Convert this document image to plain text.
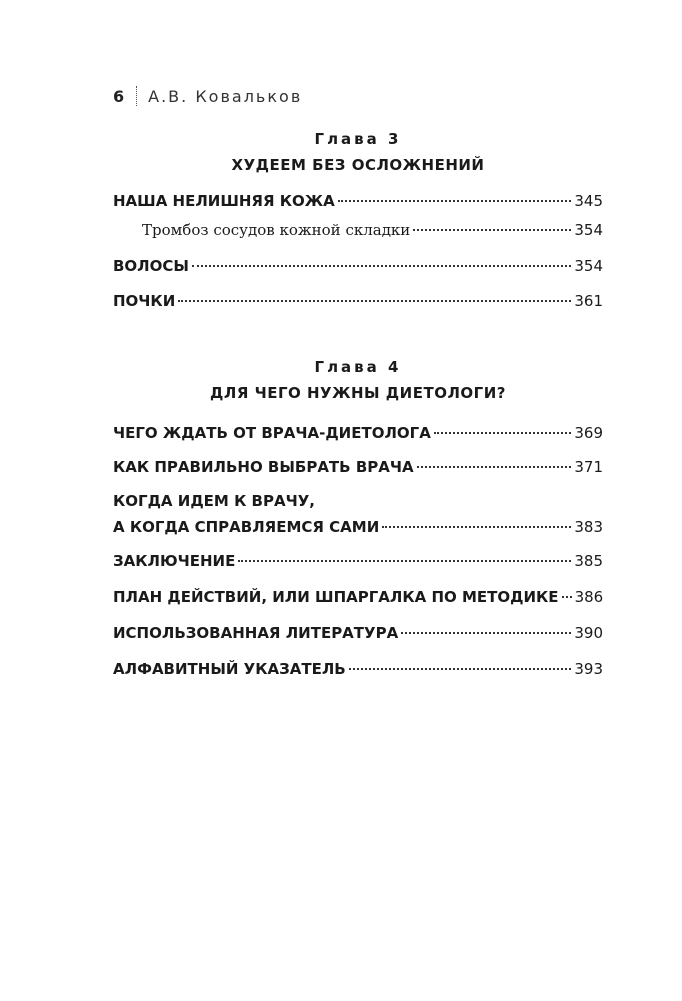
6 А.В. Ковальков
Глава 3
ХУДЕЕМ БЕЗ ОСЛОЖНЕНИЙ
НАША НЕЛИШНЯЯ КОЖА	345
Тромбоз сосудов кожной складки	354
ВОЛОСЫ	354
ПОЧКИ	361
Глава 4
ДЛЯ ЧЕГО НУЖНЫ ДИЕТОЛОГИ?
ЧЕГО ЖДАТЬ ОТ ВРАЧА-ДИЕТОЛОГА	369
КАК ПРАВИЛЬНО ВЫБРАТЬ ВРАЧА	371
КОГДА ИДЕМ К ВРАЧУ,
А КОГДА СПРАВЛЯЕМСЯ САМИ	383
ЗАКЛЮЧЕНИЕ	385
ПЛАН ДЕЙСТВИЙ, ИЛИ ШПАРГАЛКА ПО МЕТОДИКЕ 386
ИСПОЛЬЗОВАННАЯ ЛИТЕРАТУРА	390
АЛФАВИТНЫЙ УКАЗАТЕЛЬ	393
